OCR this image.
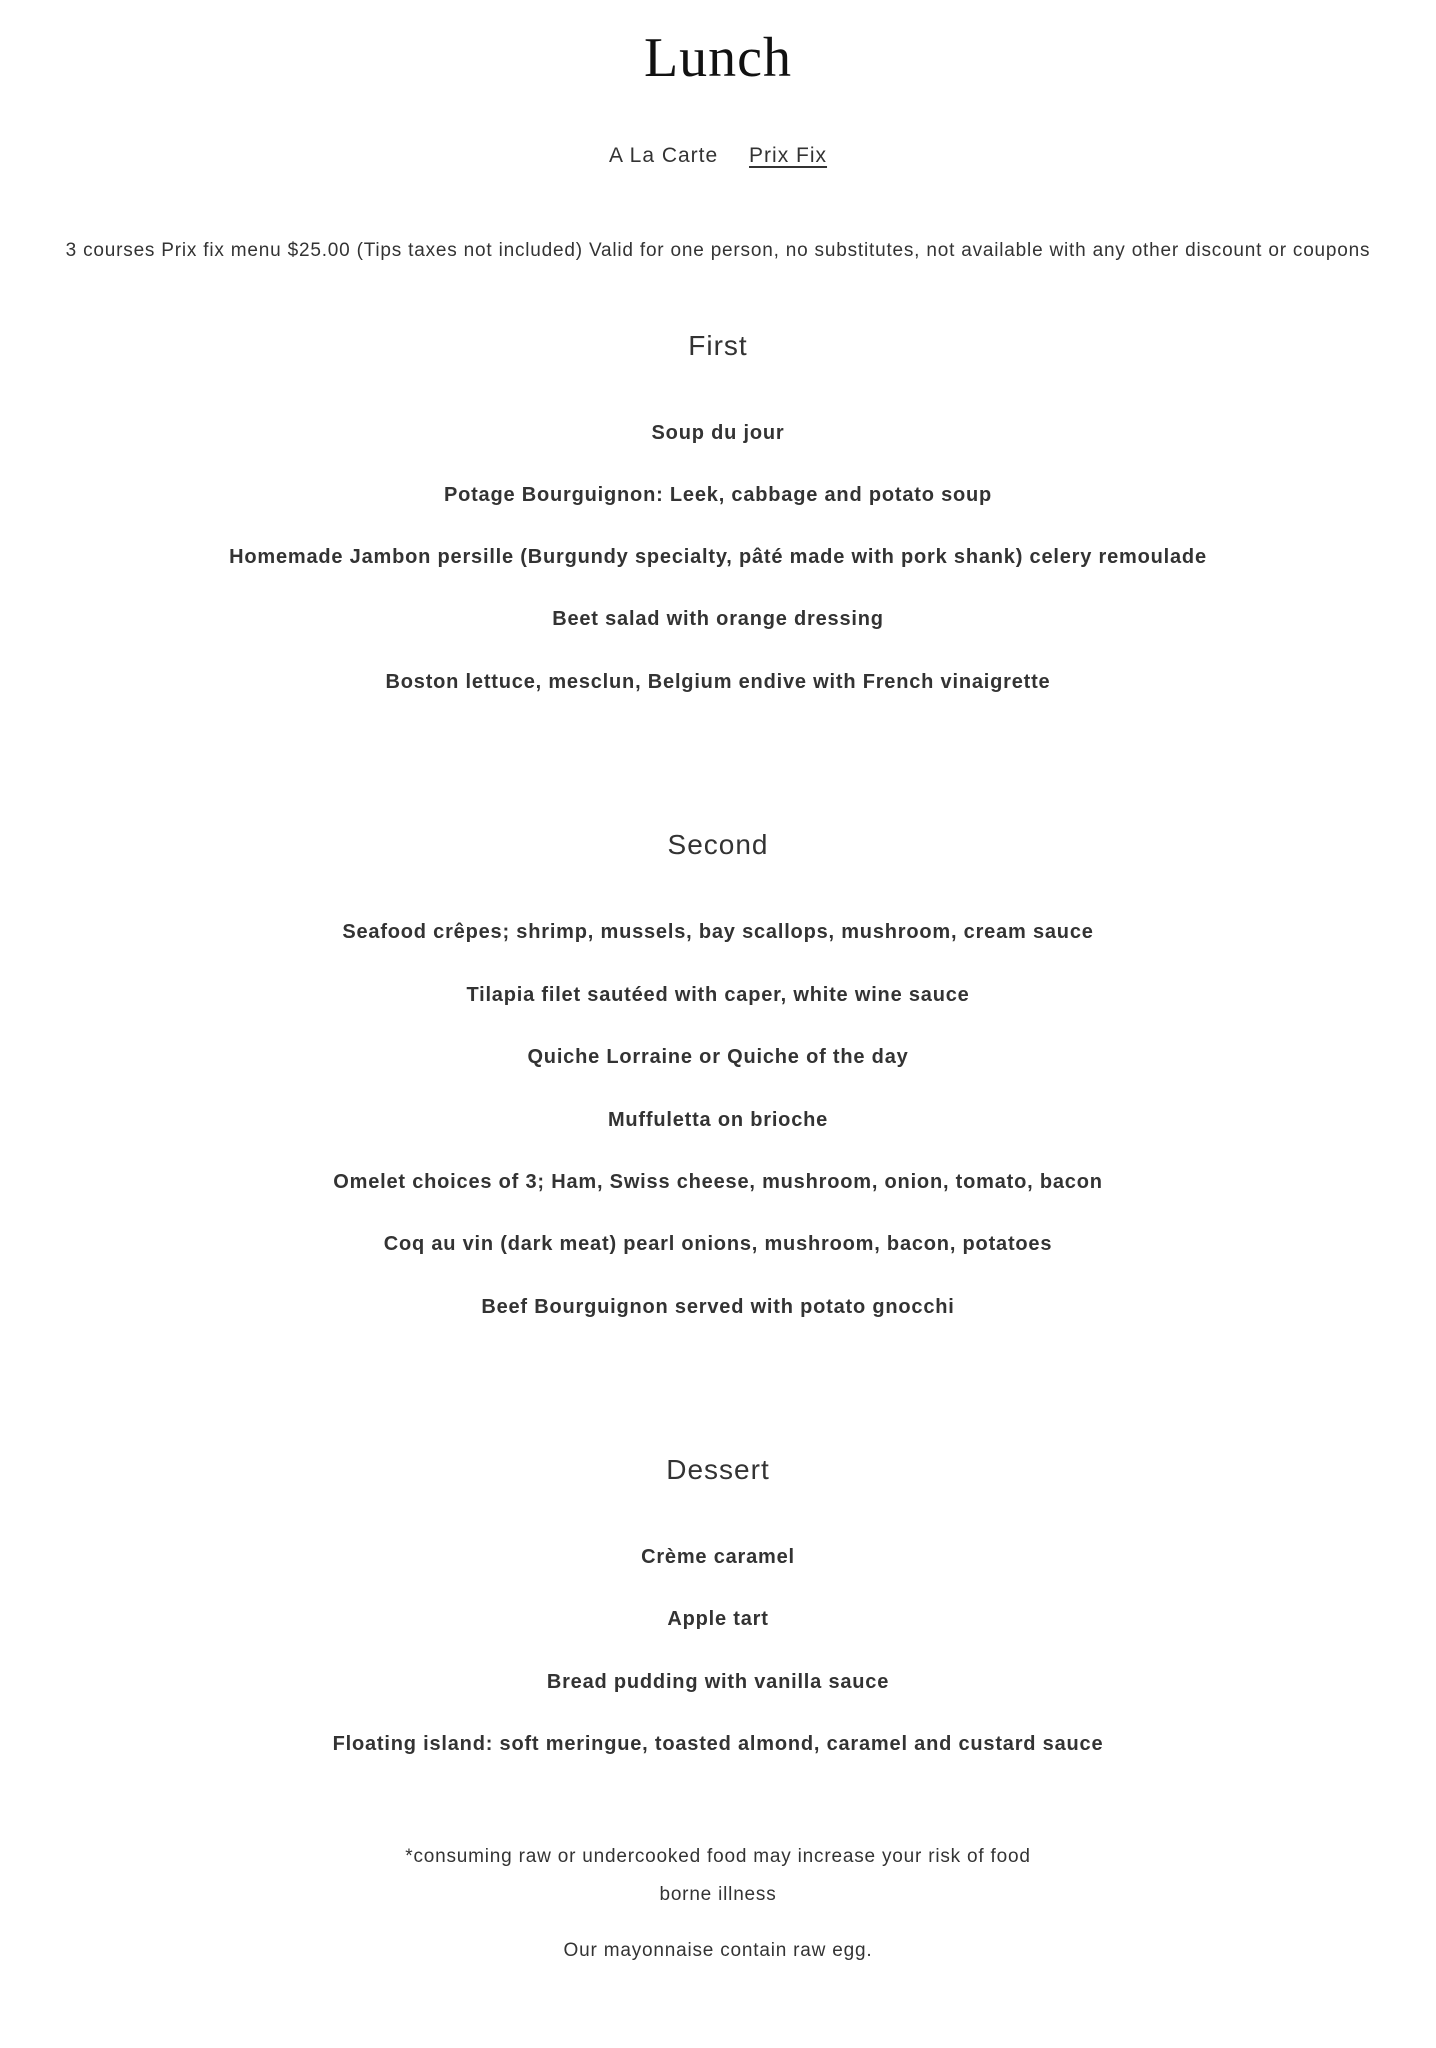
Lunch
A La Carte Prix Fix
3 courses Prix fix menu $25.00 (Tips taxes not included) Valid for one person, no substitutes, not available with any other discount or coupons
First
Soup du jour
Potage Bourguignon: Leek, cabbage and potato soup
Homemade Jambon persille (Burgundy specialty, pâté made with pork shank) celery remoulade
Beet salad with orange dressing
Boston lettuce, mesclun, Belgium endive with French vinaigrette
Second
Seafood crêpes; shrimp, mussels, bay scallops, mushroom, cream sauce
Tilapia filet sautéed with caper, white wine sauce
Quiche Lorraine or Quiche of the day
Muffuletta on brioche
Omelet choices of 3; Ham, Swiss cheese, mushroom, onion, tomato, bacon
Coq au vin (dark meat) pearl onions, mushroom, bacon, potatoes
Beef Bourguignon served with potato gnocchi
Dessert
Crème caramel
Apple tart
Bread pudding with vanilla sauce
Floating island: soft meringue, toasted almond, caramel and custard sauce
*consuming raw or undercooked food may increase your risk of food
borne illness
Our mayonnaise contain raw egg.
